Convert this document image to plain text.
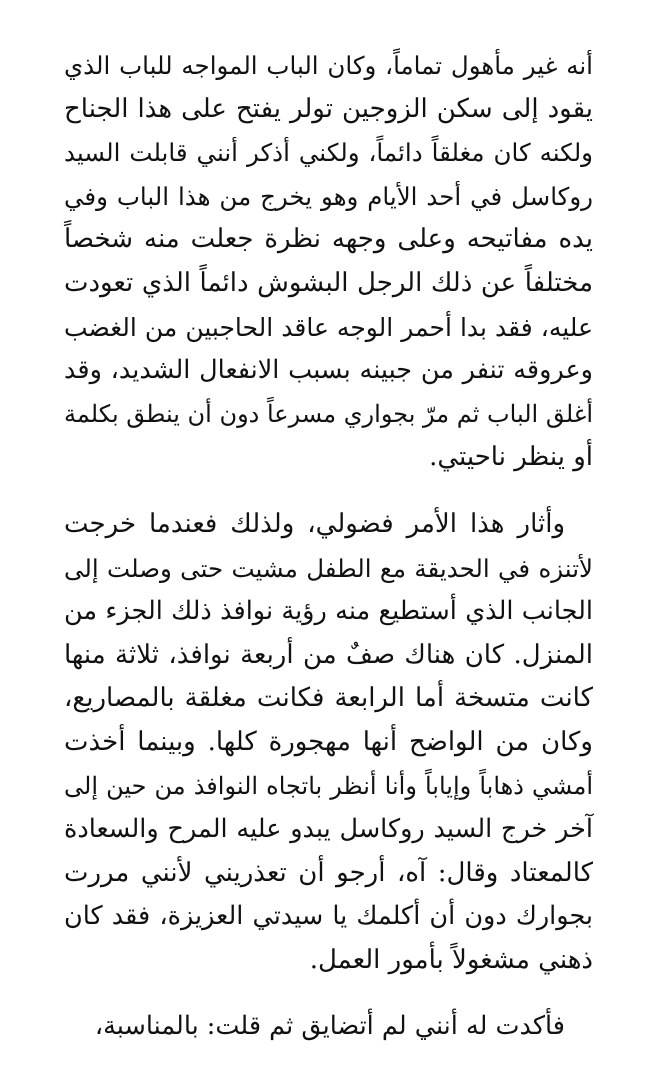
أنه غير مأهول تماماً، وكان الباب المواجه للباب الذي
يقود إلى سكن الزوجين تولر يفتح على هذا الجناح
ولكنه كان مغلقاً دائماً، ولكني أذكر أنني قابلت السيد
روكاسل في أحد الأيام وهو يخرج من هذا الباب وفي
يده مفاتيحه وعلى وجهه نظرة جعلت منه شخصاً
مختلفاً عن ذلك الرجل البشوش دائماً الذي تعودت
عليه، فقد بدا أحمر الوجه عاقد الحاجبين من الغضب
وعروقه تنفر من جبينه بسبب الانفعال الشديد، وقد
أغلق الباب ثم مرّ بجواري مسرعاً دون أن ينطق بكلمة
أو ينظر ناحيتي.

وأثار هذا الأمر فضولي، ولذلك فعندما خرجت
لأتنزه في الحديقة مع الطفل مشيت حتى وصلت إلى
الجانب الذي أستطيع منه رؤية نوافذ ذلك الجزء من
المنزل. كان هناك صفٌ من أربعة نوافذ، ثلاثة منها
كانت متسخة أما الرابعة فكانت مغلقة بالمصاريع،
وكان من الواضح أنها مهجورة كلها. وبينما أخذت
أمشي ذهاباً وإياباً وأنا أنظر باتجاه النوافذ من حين إلى
آخر خرج السيد روكاسل يبدو عليه المرح والسعادة
كالمعتاد وقال: آه، أرجو أن تعذريني لأنني مررت
بجوارك دون أن أكلمك يا سيدتي العزيزة، فقد كان
ذهني مشغولاً بأمور العمل.

فأكدت له أنني لم أتضايق ثم قلت: بالمناسبة،
